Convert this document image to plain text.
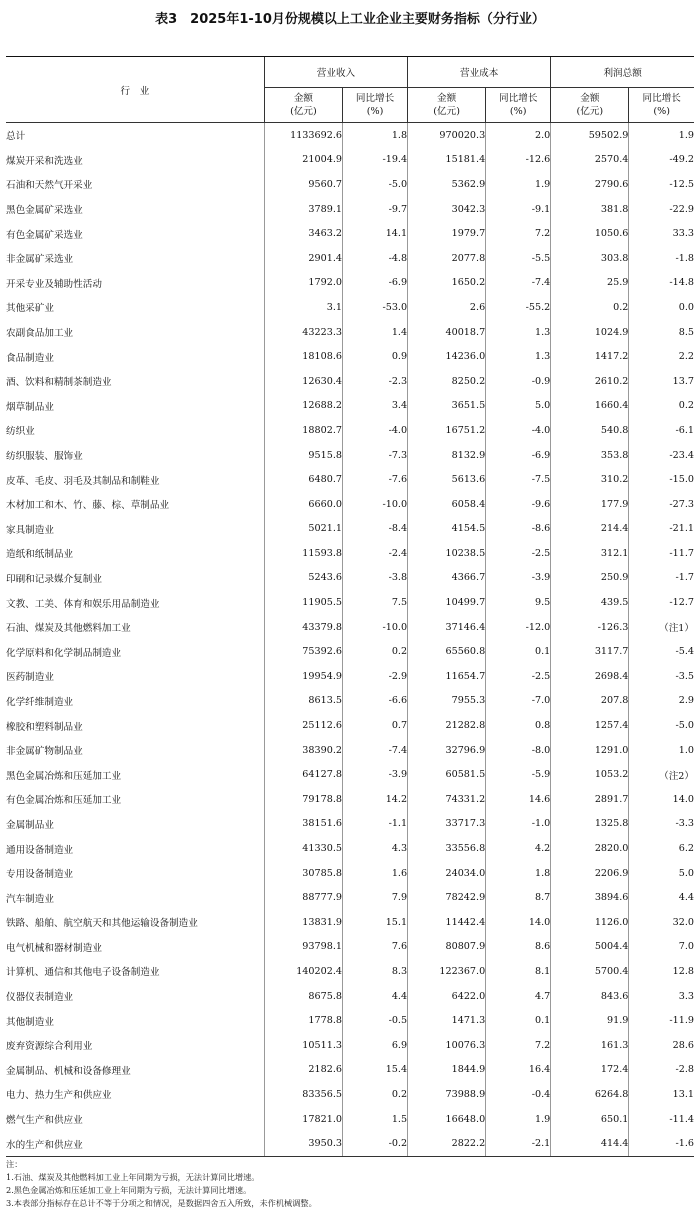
表3　2025年1-10月份规模以上工业企业主要财务指标（分行业）
行　业	营业收入		营业成本		利润总额	
	金额
(亿元)	同比增长
(%)	金额
(亿元)	同比增长
(%)	金额
(亿元)	同比增长
(%)
总计	1133692.6	1.8	970020.3	2.0	59502.9	1.9
煤炭开采和洗选业	21004.9	-19.4	15181.4	-12.6	2570.4	-49.2
石油和天然气开采业	9560.7	-5.0	5362.9	1.9	2790.6	-12.5
黑色金属矿采选业	3789.1	-9.7	3042.3	-9.1	381.8	-22.9
有色金属矿采选业	3463.2	14.1	1979.7	7.2	1050.6	33.3
非金属矿采选业	2901.4	-4.8	2077.8	-5.5	303.8	-1.8
开采专业及辅助性活动	1792.0	-6.9	1650.2	-7.4	25.9	-14.8
其他采矿业	3.1	-53.0	2.6	-55.2	0.2	0.0
农副食品加工业	43223.3	1.4	40018.7	1.3	1024.9	8.5
食品制造业	18108.6	0.9	14236.0	1.3	1417.2	2.2
酒、饮料和精制茶制造业	12630.4	-2.3	8250.2	-0.9	2610.2	13.7
烟草制品业	12688.2	3.4	3651.5	5.0	1660.4	0.2
纺织业	18802.7	-4.0	16751.2	-4.0	540.8	-6.1
纺织服装、服饰业	9515.8	-7.3	8132.9	-6.9	353.8	-23.4
皮革、毛皮、羽毛及其制品和制鞋业	6480.7	-7.6	5613.6	-7.5	310.2	-15.0
木材加工和木、竹、藤、棕、草制品业	6660.0	-10.0	6058.4	-9.6	177.9	-27.3
家具制造业	5021.1	-8.4	4154.5	-8.6	214.4	-21.1
造纸和纸制品业	11593.8	-2.4	10238.5	-2.5	312.1	-11.7
印刷和记录媒介复制业	5243.6	-3.8	4366.7	-3.9	250.9	-1.7
文教、工美、体育和娱乐用品制造业	11905.5	7.5	10499.7	9.5	439.5	-12.7
石油、煤炭及其他燃料加工业	43379.8	-10.0	37146.4	-12.0	-126.3	（注1）
化学原料和化学制品制造业	75392.6	0.2	65560.8	0.1	3117.7	-5.4
医药制造业	19954.9	-2.9	11654.7	-2.5	2698.4	-3.5
化学纤维制造业	8613.5	-6.6	7955.3	-7.0	207.8	2.9
橡胶和塑料制品业	25112.6	0.7	21282.8	0.8	1257.4	-5.0
非金属矿物制品业	38390.2	-7.4	32796.9	-8.0	1291.0	1.0
黑色金属冶炼和压延加工业	64127.8	-3.9	60581.5	-5.9	1053.2	（注2）
有色金属冶炼和压延加工业	79178.8	14.2	74331.2	14.6	2891.7	14.0
金属制品业	38151.6	-1.1	33717.3	-1.0	1325.8	-3.3
通用设备制造业	41330.5	4.3	33556.8	4.2	2820.0	6.2
专用设备制造业	30785.8	1.6	24034.0	1.8	2206.9	5.0
汽车制造业	88777.9	7.9	78242.9	8.7	3894.6	4.4
铁路、船舶、航空航天和其他运输设备制造业	13831.9	15.1	11442.4	14.0	1126.0	32.0
电气机械和器材制造业	93798.1	7.6	80807.9	8.6	5004.4	7.0
计算机、通信和其他电子设备制造业	140202.4	8.3	122367.0	8.1	5700.4	12.8
仪器仪表制造业	8675.8	4.4	6422.0	4.7	843.6	3.3
其他制造业	1778.8	-0.5	1471.3	0.1	91.9	-11.9
废弃资源综合利用业	10511.3	6.9	10076.3	7.2	161.3	28.6
金属制品、机械和设备修理业	2182.6	15.4	1844.9	16.4	172.4	-2.8
电力、热力生产和供应业	83356.5	0.2	73988.9	-0.4	6264.8	13.1
燃气生产和供应业	17821.0	1.5	16648.0	1.9	650.1	-11.4
水的生产和供应业	3950.3	-0.2	2822.2	-2.1	414.4	-1.6
注：
1.石油、煤炭及其他燃料加工业上年同期为亏损，无法计算同比增速。
2.黑色金属冶炼和压延加工业上年同期为亏损，无法计算同比增速。
3.本表部分指标存在总计不等于分项之和情况，是数据四舍五入所致，未作机械调整。
